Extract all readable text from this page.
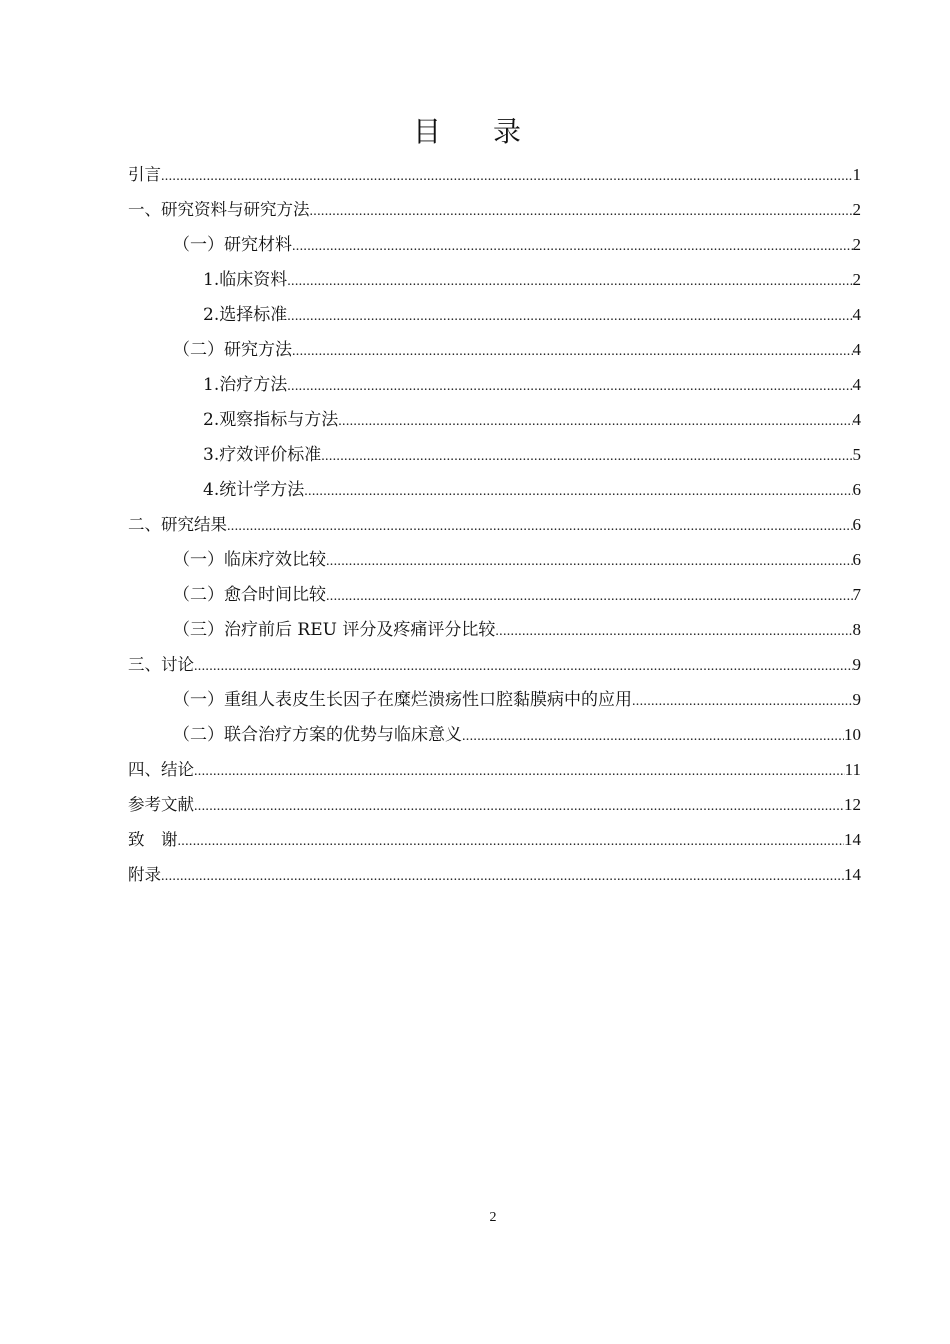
目录
引言 .....	1
一、研究资料与研究方法 .....	2
（一）研究材料 .....	2
1.临床资料 .....	2
2.选择标准 .....	4
（二）研究方法 .....	4
1.治疗方法 .....	4
2.观察指标与方法 .....	4
3.疗效评价标准 .....	5
4.统计学方法 .....	6
二、研究结果 .....	6
（一）临床疗效比较 .....	6
（二）愈合时间比较 .....	7
（三）治疗前后 REU 评分及疼痛评分比较 .....	8
三、讨论 .....	9
（一）重组人表皮生长因子在糜烂溃疡性口腔黏膜病中的应用 .....	9
（二）联合治疗方案的优势与临床意义 .....	10
四、结论 .....	11
参考文献 .....	12
致　谢 .....	14
附录 .....	14
2
